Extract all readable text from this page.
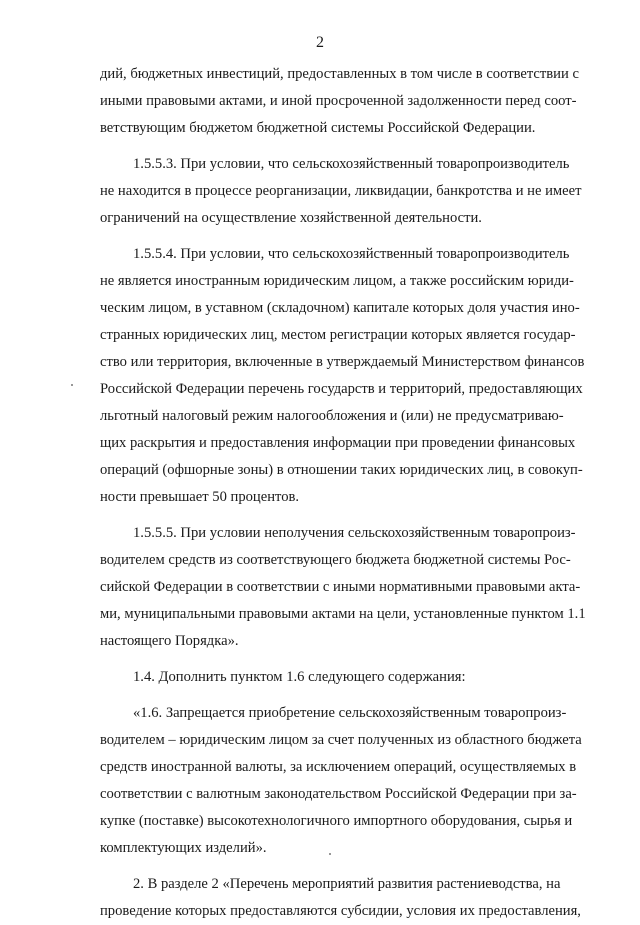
2
дий, бюджетных инвестиций, предоставленных в том числе в соответствии с
иными правовыми актами, и иной просроченной задолженности перед соот-
ветствующим бюджетом бюджетной системы Российской Федерации.
1.5.5.3. При условии, что сельскохозяйственный товаропроизводитель
не находится в процессе реорганизации, ликвидации, банкротства и не имеет
ограничений на осуществление хозяйственной деятельности.
1.5.5.4. При условии, что сельскохозяйственный товаропроизводитель
не является иностранным юридическим лицом, а также российским юриди-
ческим лицом, в уставном (складочном) капитале которых доля участия ино-
странных юридических лиц, местом регистрации которых является государ-
ство или территория, включенные в утверждаемый Министерством финансов
Российской Федерации перечень государств и территорий, предоставляющих
льготный налоговый режим налогообложения и (или) не предусматриваю-
щих раскрытия и предоставления информации при проведении финансовых
операций (офшорные зоны) в отношении таких юридических лиц, в совокуп-
ности превышает 50 процентов.
1.5.5.5. При условии неполучения сельскохозяйственным товаропроиз-
водителем средств из соответствующего бюджета бюджетной системы Рос-
сийской Федерации в соответствии с иными нормативными правовыми акта-
ми, муниципальными правовыми актами на цели, установленные пунктом 1.1
настоящего Порядка».
1.4. Дополнить пунктом 1.6 следующего содержания:
«1.6. Запрещается приобретение сельскохозяйственным товаропроиз-
водителем – юридическим лицом за счет полученных из областного бюджета
средств иностранной валюты, за исключением операций, осуществляемых в
соответствии с валютным законодательством Российской Федерации при за-
купке (поставке) высокотехнологичного импортного оборудования, сырья и
комплектующих изделий».
2. В разделе 2 «Перечень мероприятий развития растениеводства, на
проведение которых предоставляются субсидии, условия их предоставления,
